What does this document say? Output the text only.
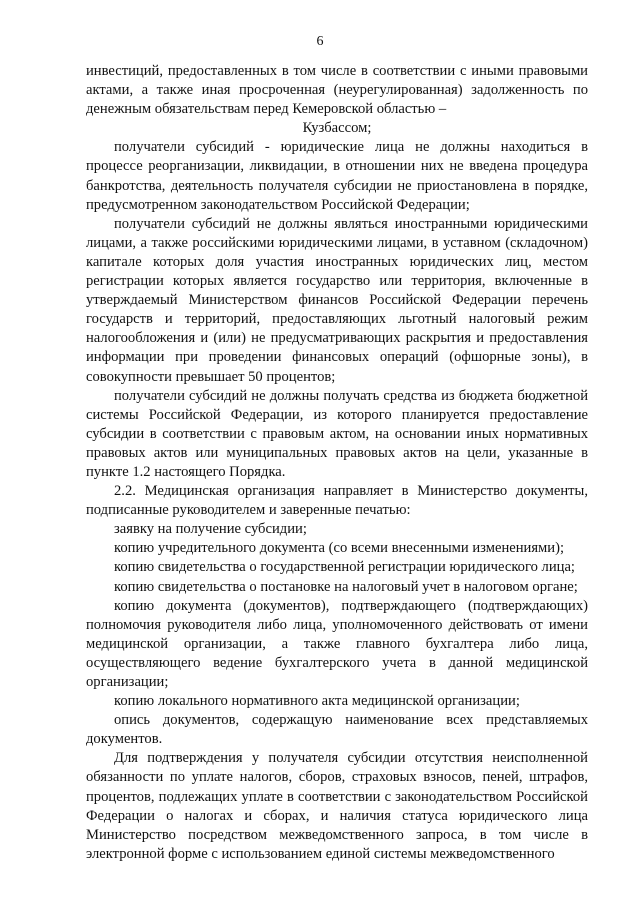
6

инвестиций, предоставленных в том числе в соответствии с иными правовыми актами, а также иная просроченная (неурегулированная) задолженность по денежным обязательствам перед Кемеровской областью –

Кузбассом;

получатели субсидий - юридические лица не должны находиться в процессе реорганизации, ликвидации, в отношении них не введена процедура банкротства, деятельность получателя субсидии не приостановлена в порядке, предусмотренном законодательством Российской Федерации;

получатели субсидий не должны являться иностранными юридическими лицами, а также российскими юридическими лицами, в уставном (складочном) капитале которых доля участия иностранных юридических лиц, местом регистрации которых является государство или территория, включенные в утверждаемый Министерством финансов Российской Федерации перечень государств и территорий, предоставляющих льготный налоговый режим налогообложения и (или) не предусматривающих раскрытия и предоставления информации при проведении финансовых операций (офшорные зоны), в совокупности превышает 50 процентов;

получатели субсидий не должны получать средства из бюджета бюджетной системы Российской Федерации, из которого планируется предоставление субсидии в соответствии с правовым актом, на основании иных нормативных правовых актов или муниципальных правовых актов на цели, указанные в пункте 1.2 настоящего Порядка.

2.2. Медицинская организация направляет в Министерство документы, подписанные руководителем и заверенные печатью:

заявку на получение субсидии;

копию учредительного документа (со всеми внесенными изменениями);

копию свидетельства о государственной регистрации юридического лица;

копию свидетельства о постановке на налоговый учет в налоговом органе;

копию документа (документов), подтверждающего (подтверждающих) полномочия руководителя либо лица, уполномоченного действовать от имени медицинской организации, а также главного бухгалтера либо лица, осуществляющего ведение бухгалтерского учета в данной медицинской организации;

копию локального нормативного акта медицинской организации;

опись документов, содержащую наименование всех представляемых документов.

Для подтверждения у получателя субсидии отсутствия неисполненной обязанности по уплате налогов, сборов, страховых взносов, пеней, штрафов, процентов, подлежащих уплате в соответствии с законодательством Российской Федерации о налогах и сборах, и наличия статуса юридического лица Министерство посредством межведомственного запроса, в том числе в электронной форме с использованием единой системы межведомственного
